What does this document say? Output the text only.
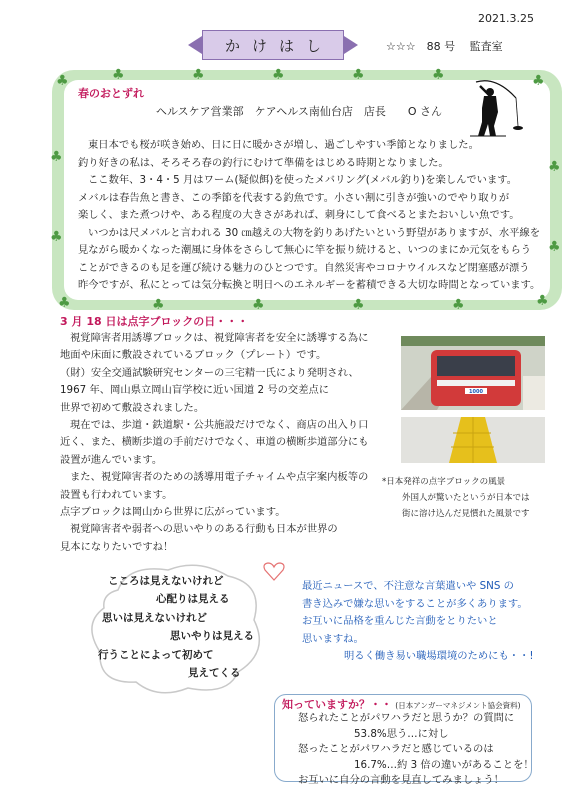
2021.3.25
かけはし	☆☆☆　88 号　 監査室
♣	♣	♣	♣	♣	♣	♣
♣
♣
♣
♣
♣	♣	♣	♣	♣	♣
春のおとずれ
ヘルスケア営業部　ケアヘルス南仙台店　店長　　O さん

東日本でも桜が咲き始め、日に日に暖かさが増し、過ごしやすい季節となりました。

釣り好きの私は、そろそろ春の釣行にむけて準備をはじめる時期となりました。

ここ数年、3・4・5 月はワーム(疑似餌)を使ったメバリング(メバル釣り)を楽しんでいます。

メバルは春告魚と書き、この季節を代表する釣魚です。小さい割に引きが強いのでやり取りが

楽しく、また煮つけや、ある程度の大きさがあれば、刺身にして食べるとまたおいしい魚です。

いつかは尺メバルと言われる 30 ㎝越えの大物を釣りあげたいという野望がありますが、水平線を

見ながら暖かくなった潮風に身体をさらして無心に竿を振り続けると、いつのまにか元気をもらう

ことができるのも足を運び続ける魅力のひとつです。自然災害やコロナウイルスなど閉塞感が漂う

昨今ですが、私にとっては気分転換と明日へのエネルギーを蓄積できる大切な時間となっています。

3 月 18 日は点字ブロックの日・・・

視覚障害者用誘導ブロックは、視覚障害者を安全に誘導する為に

地面や床面に敷設されているブロック（プレート）です。

（財）安全交通試験研究センターの三宅精一氏により発明され、

1967 年、岡山県立岡山盲学校に近い国道 2 号の交差点に

世界で初めて敷設されました。

現在では、歩道・鉄道駅・公共施設だけでなく、商店の出入り口

近く、また、横断歩道の手前だけでなく、車道の横断歩道部分にも

設置が進んでいます。

また、視覚障害者のための誘導用電子チャイムや点字案内板等の

設置も行われています。

点字ブロックは岡山から世界に広がっています。

視覚障害者や弱者への思いやりのある行動も日本が世界の

見本になりたいですね！

1000
*日本発祥の点字ブロックの風景
外国人が驚いたというが日本では
街に溶け込んだ見慣れた風景です

こころは見えないけれど

心配りは見える

思いは見えないけれど

思いやりは見える

行うことによって初めて

見えてくる

最近ニュースで、不注意な言葉遣いや SNS の

書き込みで嫌な思いをすることが多くあります。

お互いに品格を重んじた言動をとりたいと

思いますね。

明るく働き易い職場環境のためにも・・!

知っていますか？・・ (日本アンガーマネジメント協会資料)

怒られたことがパワハラだと思うか？の質問に

53.8%思う…に対し

怒ったことがパワハラだと感じているのは

16.7%…約 3 倍の違いがあることを！

お互いに自分の言動を見直してみましょう！
